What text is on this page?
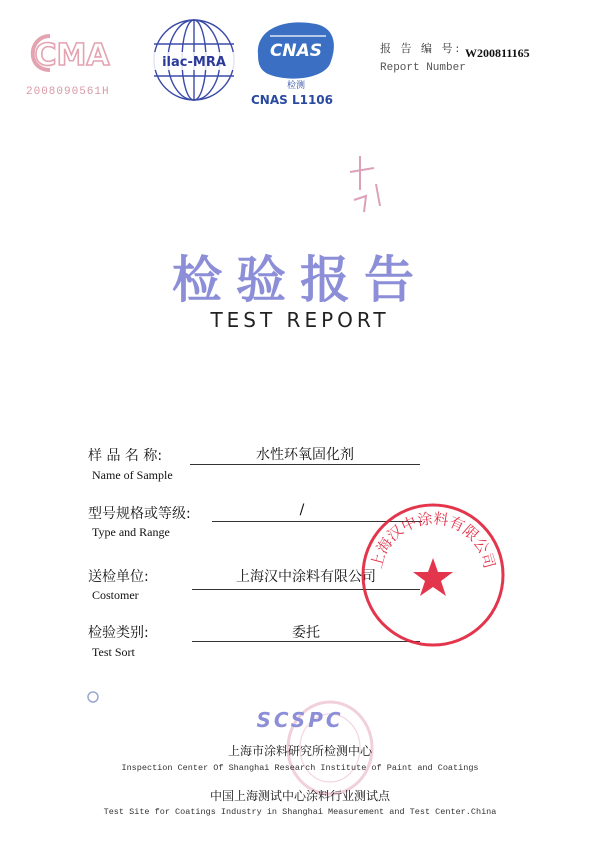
CMA
2008090561H
ilac-MRA
CNAS
检测
CNAS L1106
报 告 编 号:
Report Number
W200811165
检验报告
TEST REPORT
样 品 名 称:
Name of Sample
水性环氧固化剂
型号规格或等级:
Type and Range
/
送检单位:
Costomer
上海汉中涂料有限公司
检验类别:
Test Sort
委托
上海汉中涂料有限公司
SCSPC
上海市涂料研究所检测中心
Inspection Center Of Shanghai Research Institute of Paint and Coatings
中国上海测试中心涂料行业测试点
Test Site for Coatings Industry in Shanghai Measurement and Test Center.China
